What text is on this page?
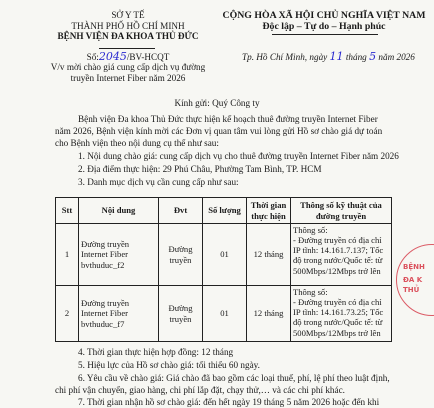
SỞ Y TẾ
THÀNH PHỐ HỒ CHÍ MINH
BỆNH VIỆN ĐA KHOA THỦ ĐỨC
Số:2045/BV-HCQT
V/v mời chào giá cung cấp dịch vụ đường
truyền Internet Fiber năm 2026
CỘNG HÒA XÃ HỘI CHỦ NGHĨA VIỆT NAM
Độc lập – Tự do – Hạnh phúc
Tp. Hồ Chí Minh, ngày 11 tháng 5 năm 2026
Kính gửi: Quý Công ty
Bệnh viện Đa khoa Thủ Đức thực hiện kế hoạch thuê đường truyền Internet Fiber
năm 2026, Bệnh viện kính mời các Đơn vị quan tâm vui lòng gửi Hồ sơ chào giá dự toán
cho Bệnh viện theo nội dung cụ thể như sau:
1. Nội dung chào giá: cung cấp dịch vụ cho thuê đường truyền Internet Fiber năm 2026
2. Địa điểm thực hiện: 29 Phú Châu, Phường Tam Bình, TP. HCM
3. Danh mục dịch vụ cần cung cấp như sau:
Stt	Nội dung	Đvt	Số lượng	Thời gian thực hiện	Thông số kỹ thuật của đường truyền
1	Đường truyền Internet Fiber bvthuduc_f2	Đường truyền	01	12 tháng	Thông số:
- Đường truyền có địa chỉ IP tĩnh: 14.161.7.137; Tốc độ trong nước/Quốc tế: từ 500Mbps/12Mbps trở lên

2	Đường truyền Internet Fiber bvthuduc_f7	Đường truyền	01	12 tháng	Thông số:
- Đường truyền có địa chỉ IP tĩnh: 14.161.73.25; Tốc độ trong nước/Quốc tế: từ 500Mbps/12Mbps trở lên
4. Thời gian thực hiện hợp đồng: 12 tháng
5. Hiệu lực của Hồ sơ chào giá: tối thiểu 60 ngày.
6. Yêu cầu về chào giá: Giá chào đã bao gồm các loại thuế, phí, lệ phí theo luật định,
chi phí vận chuyển, giao hàng, chi phí lắp đặt, chạy thử,… và các chi phí khác.
7. Thời gian nhận hồ sơ chào giá: đến hết ngày 19 tháng 5 năm 2026 hoặc đến khi
BỆNH
ĐA K
THỦ
